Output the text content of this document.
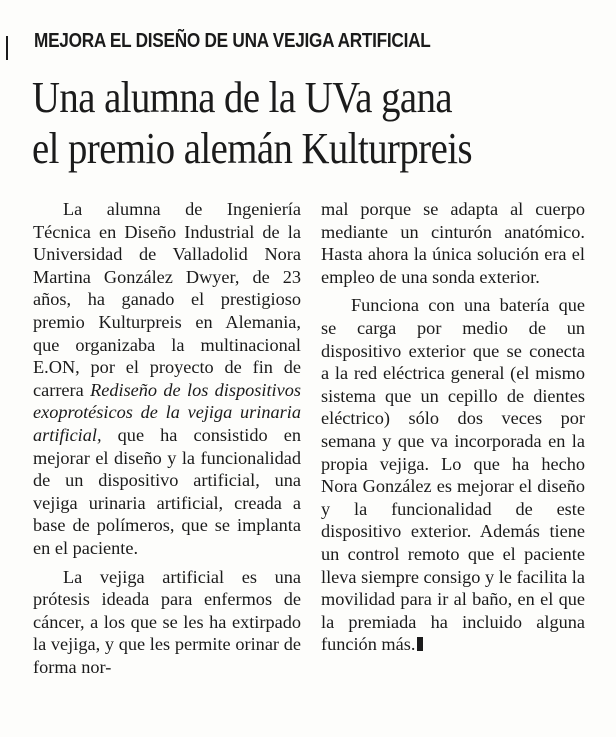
MEJORA EL DISEÑO DE UNA VEJIGA ARTIFICIAL
Una alumna de la UVa gana
el premio alemán Kulturpreis

La alumna de Ingeniería Técnica en Diseño Industrial de la Universidad de Valladolid Nora Martina González Dwyer, de 23 años, ha ganado el prestigioso premio Kulturpreis en Alemania, que organizaba la multinacional E.ON, por el proyecto de fin de carrera Rediseño de los dispositivos exoprotésicos de la vejiga urinaria artificial, que ha consistido en mejorar el diseño y la funcionalidad de un dispositivo artificial, una vejiga urinaria artificial, creada a base de polímeros, que se implanta en el paciente.

La vejiga artificial es una prótesis ideada para enfermos de cáncer, a los que se les ha extirpado la vejiga, y que les permite orinar de forma nor-

mal porque se adapta al cuerpo mediante un cinturón anatómico. Hasta ahora la única solución era el empleo de una sonda exterior.

Funciona con una batería que se carga por medio de un dispositivo exterior que se conecta a la red eléctrica general (el mismo sistema que un cepillo de dientes eléctrico) sólo dos veces por semana y que va incorporada en la propia vejiga. Lo que ha hecho Nora González es mejorar el diseño y la funcionalidad de este dispositivo exterior. Además tiene un control remoto que el paciente lleva siempre consigo y le facilita la movilidad para ir al baño, en el que la premiada ha incluido alguna función más.
